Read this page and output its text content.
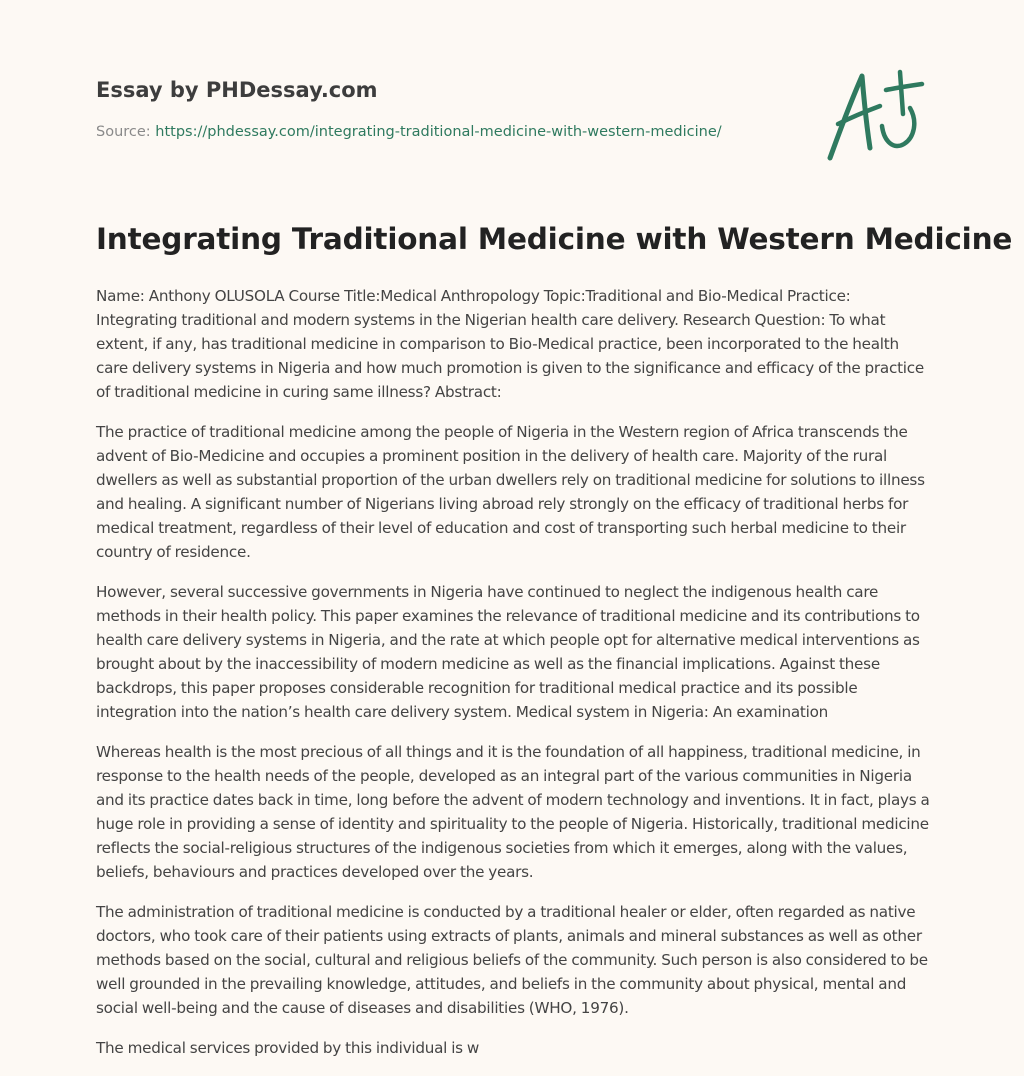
Essay by PHDessay.com
Source: https://phdessay.com/integrating-traditional-medicine-with-western-medicine/
Integrating Traditional Medicine with Western Medicine

Name: Anthony OLUSOLA Course Title:Medical Anthropology Topic:Traditional and Bio-Medical Practice: Integrating traditional and modern systems in the Nigerian health care delivery. Research Question: To what extent, if any, has traditional medicine in comparison to Bio-Medical practice, been incorporated to the health care delivery systems in Nigeria and how much promotion is given to the significance and efficacy of the practice of traditional medicine in curing same illness? Abstract:

The practice of traditional medicine among the people of Nigeria in the Western region of Africa transcends the advent of Bio-Medicine and occupies a prominent position in the delivery of health care. Majority of the rural dwellers as well as substantial proportion of the urban dwellers rely on traditional medicine for solutions to illness and healing. A significant number of Nigerians living abroad rely strongly on the efficacy of traditional herbs for medical treatment, regardless of their level of education and cost of transporting such herbal medicine to their country of residence.

However, several successive governments in Nigeria have continued to neglect the indigenous health care methods in their health policy. This paper examines the relevance of traditional medicine and its contributions to health care delivery systems in Nigeria, and the rate at which people opt for alternative medical interventions as brought about by the inaccessibility of modern medicine as well as the financial implications. Against these backdrops, this paper proposes considerable recognition for traditional medical practice and its possible integration into the nation’s health care delivery system. Medical system in Nigeria: An examination

Whereas health is the most precious of all things and it is the foundation of all happiness, traditional medicine, in response to the health needs of the people, developed as an integral part of the various communities in Nigeria and its practice dates back in time, long before the advent of modern technology and inventions. It in fact, plays a huge role in providing a sense of identity and spirituality to the people of Nigeria. Historically, traditional medicine reflects the social-religious structures of the indigenous societies from which it emerges, along with the values, beliefs, behaviours and practices developed over the years.

The administration of traditional medicine is conducted by a traditional healer or elder, often regarded as native doctors, who took care of their patients using extracts of plants, animals and mineral substances as well as other methods based on the social, cultural and religious beliefs of the community. Such person is also considered to be well grounded in the prevailing knowledge, attitudes, and beliefs in the community about physical, mental and social well-being and the cause of diseases and disabilities (WHO, 1976).

The medical services provided by this individual is w
